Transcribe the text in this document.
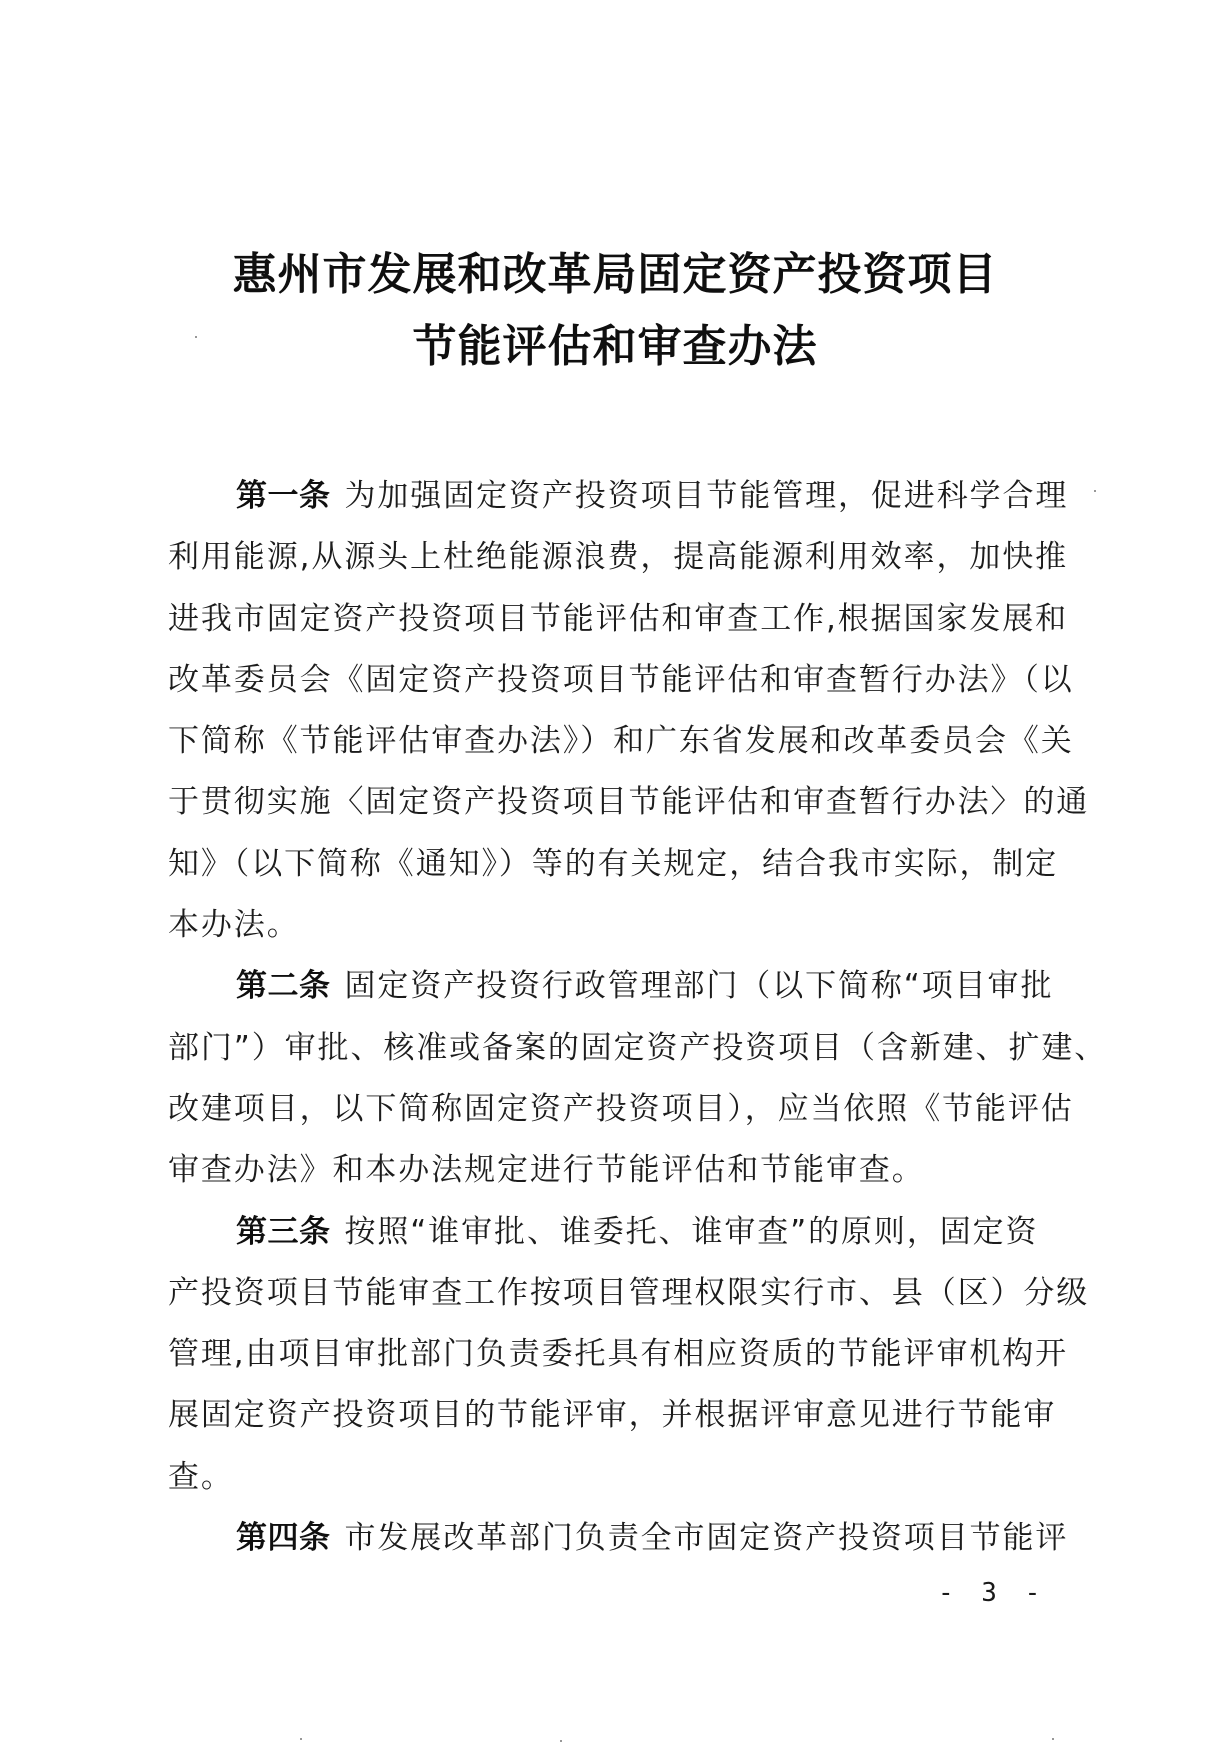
惠州市发展和改革局固定资产投资项目
节能评估和审查办法
第一条 为加强固定资产投资项目节能管理，促进科学合理
利用能源,从源头上杜绝能源浪费，提高能源利用效率，加快推
进我市固定资产投资项目节能评估和审查工作,根据国家发展和
改革委员会《固定资产投资项目节能评估和审查暂行办法》（以
下简称《节能评估审查办法》）和广东省发展和改革委员会《关
于贯彻实施〈固定资产投资项目节能评估和审查暂行办法〉的通
知》（以下简称《通知》）等的有关规定，结合我市实际，制定
本办法。
第二条 固定资产投资行政管理部门（以下简称“项目审批
部门”）审批、核准或备案的固定资产投资项目（含新建、扩建、
改建项目，以下简称固定资产投资项目），应当依照《节能评估
审查办法》和本办法规定进行节能评估和节能审查。
第三条 按照“谁审批、谁委托、谁审查”的原则，固定资
产投资项目节能审查工作按项目管理权限实行市、县（区）分级
管理,由项目审批部门负责委托具有相应资质的节能评审机构开
展固定资产投资项目的节能评审，并根据评审意见进行节能审
查。
第四条 市发展改革部门负责全市固定资产投资项目节能评
- 3 -
